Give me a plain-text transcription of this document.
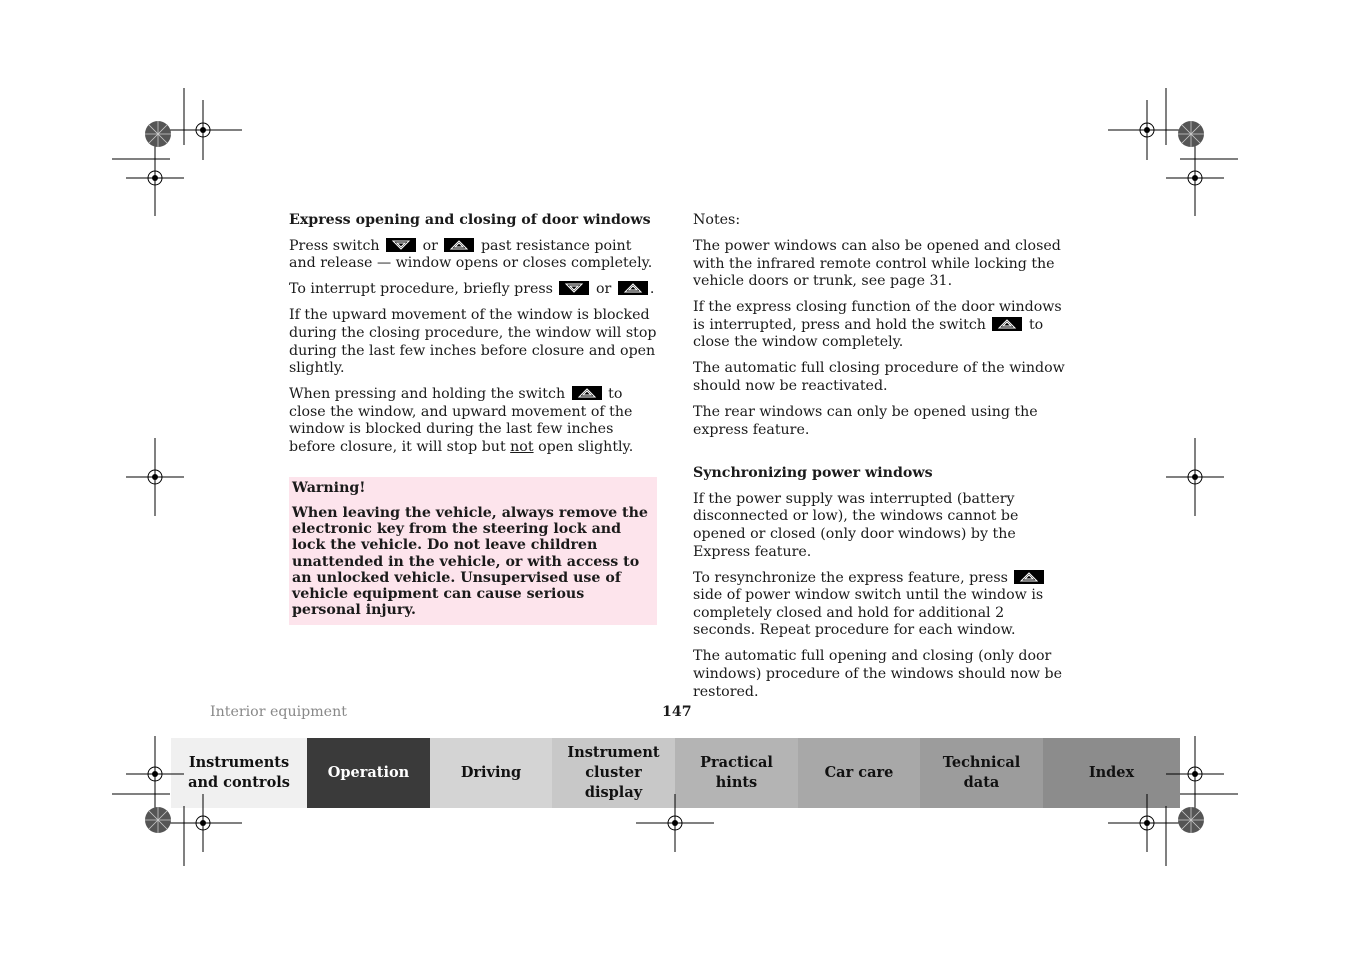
Express opening and closing of door windows

Press switch	or	past resistance point and release — window opens or closes completely.

To interrupt procedure, briefly press	or	.

If the upward movement of the window is blocked during the closing procedure, the window will stop during the last few inches before closure and open slightly.

When pressing and holding the switch	to close the window, and upward movement of the window is blocked during the last few inches before closure, it will stop but not open slightly.

Warning!
When leaving the vehicle, always remove the electronic key from the steering lock and lock the vehicle. Do not leave children unattended in the vehicle, or with access to an unlocked vehicle. Unsupervised use of vehicle equipment can cause serious personal injury.

Notes:

The power windows can also be opened and closed with the infrared remote control while locking the vehicle doors or trunk, see page 31.

If the express closing function of the door windows is interrupted, press and hold the switch	to close the window completely.

The automatic full closing procedure of the window should now be reactivated.

The rear windows can only be opened using the express feature.

Synchronizing power windows

If the power supply was interrupted (battery disconnected or low), the windows cannot be opened or closed (only door windows) by the Express feature.

To resynchronize the express feature, press
side of power window switch until the window is completely closed and hold for additional 2 seconds. Repeat procedure for each window.

The automatic full opening and closing (only door windows) procedure of the windows should now be restored.

Interior equipment	147
Instruments
and controls
Operation	Driving
Instrument
cluster display
Practical hints
Car care
Technical
data
Index
